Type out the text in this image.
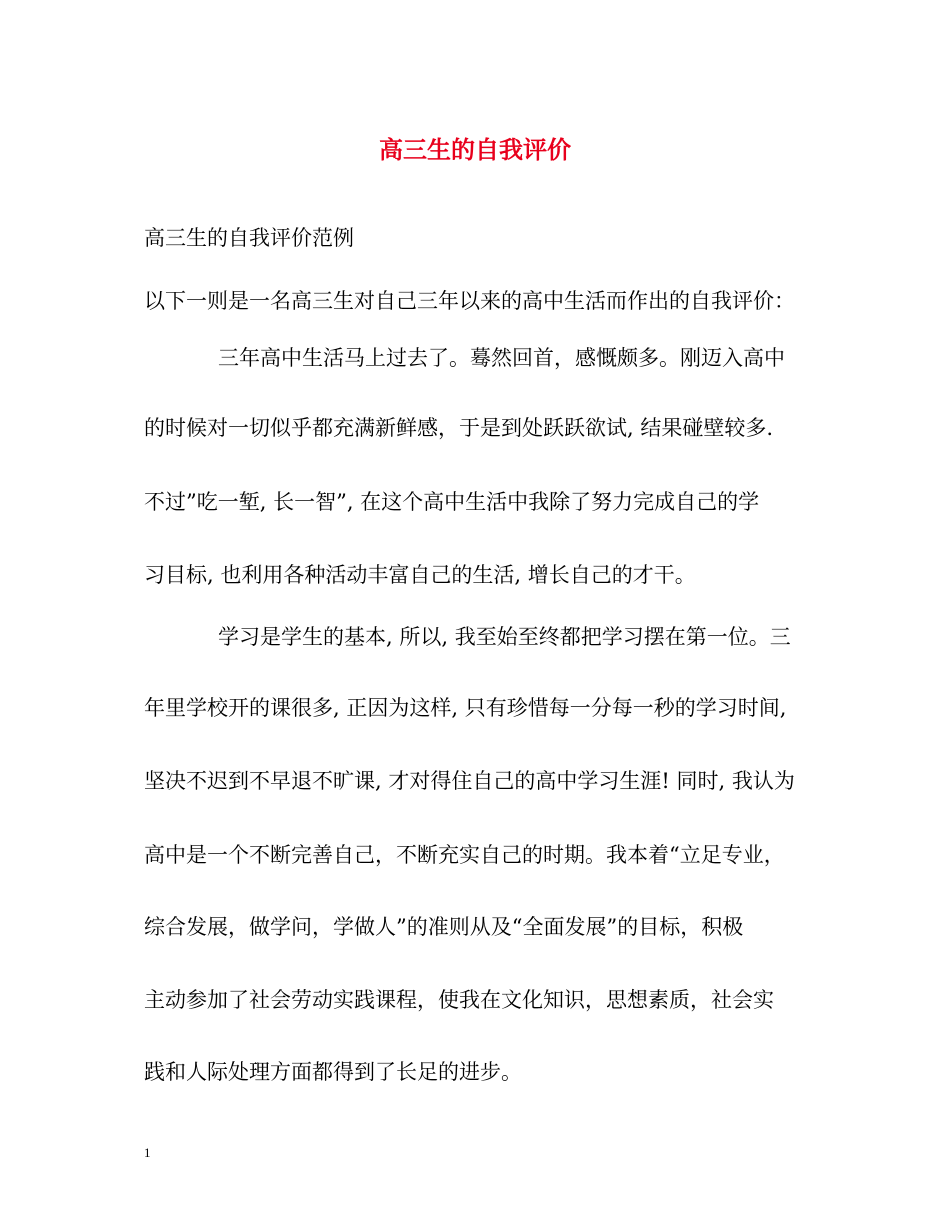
高三生的自我评价
高三生的自我评价范例
以下一则是一名高三生对自己三年以来的高中生活而作出的自我评价：
三年高中生活马上过去了。蓦然回首，感慨颇多。刚迈入高中
的时候对一切似乎都充满新鲜感，于是到处跃跃欲试, 结果碰壁较多.
不过”吃一堑, 长一智”, 在这个高中生活中我除了努力完成自己的学
习目标, 也利用各种活动丰富自己的生活, 增长自己的才干。
学习是学生的基本, 所以, 我至始至终都把学习摆在第一位。三
年里学校开的课很多, 正因为这样, 只有珍惜每一分每一秒的学习时间,
坚决不迟到不早退不旷课, 才对得住自己的高中学习生涯! 同时, 我认为
高中是一个不断完善自己，不断充实自己的时期。我本着“立足专业，
综合发展，做学问，学做人”的准则从及“全面发展”的目标，积极
主动参加了社会劳动实践课程，使我在文化知识，思想素质，社会实
践和人际处理方面都得到了长足的进步。
1
